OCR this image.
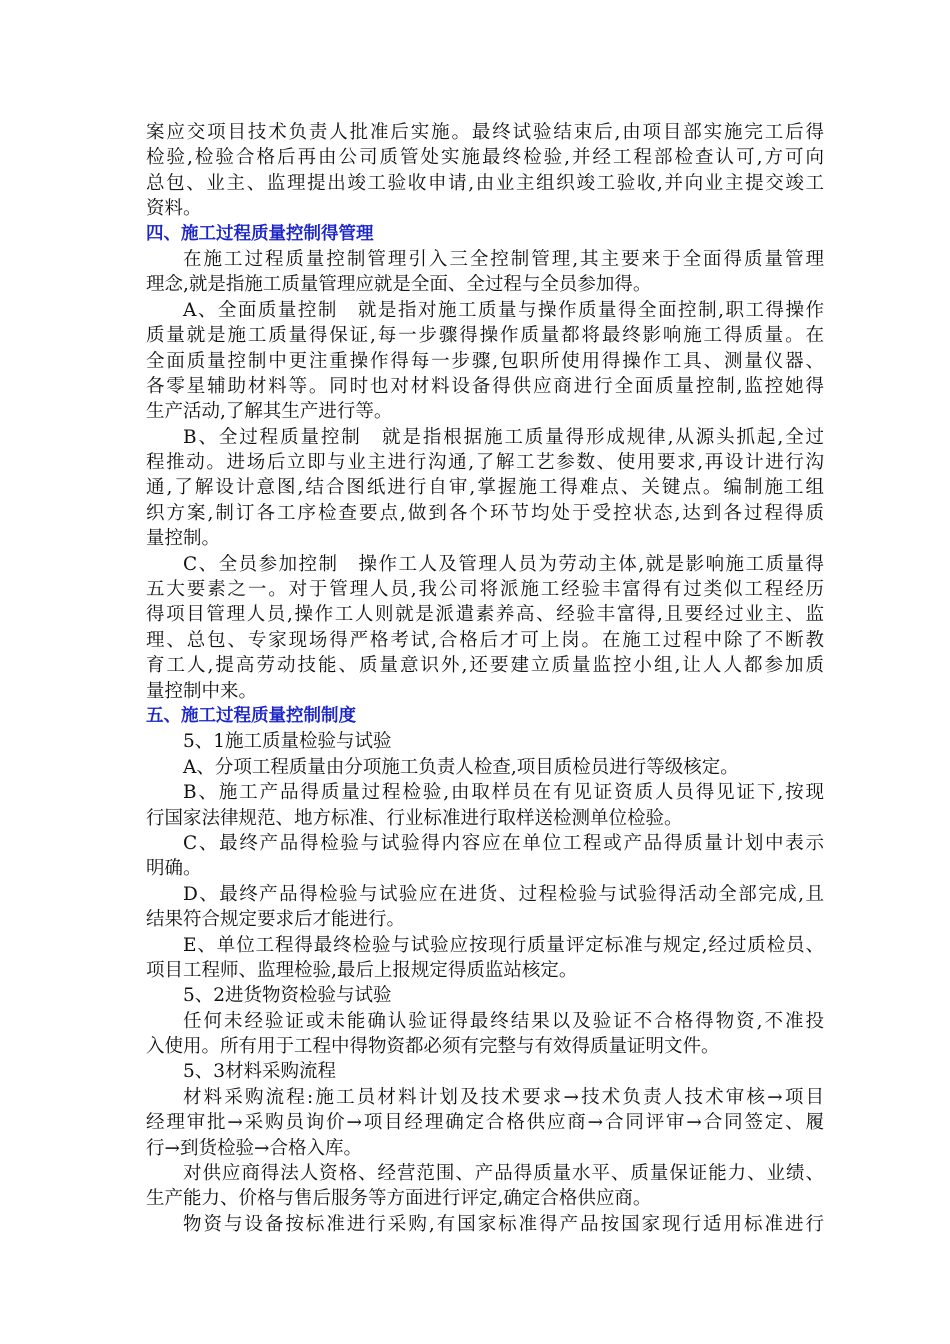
案应交项目技术负责人批准后实施。最终试验结束后,由项目部实施完工后得
检验,检验合格后再由公司质管处实施最终检验,并经工程部检查认可,方可向
总包、业主、监理提出竣工验收申请,由业主组织竣工验收,并向业主提交竣工
资料。
四、施工过程质量控制得管理
在施工过程质量控制管理引入三全控制管理,其主要来于全面得质量管理
理念,就是指施工质量管理应就是全面、全过程与全员参加得。
A、全面质量控制　就是指对施工质量与操作质量得全面控制,职工得操作
质量就是施工质量得保证,每一步骤得操作质量都将最终影响施工得质量。在
全面质量控制中更注重操作得每一步骤,包职所使用得操作工具、测量仪器、
各零星辅助材料等。同时也对材料设备得供应商进行全面质量控制,监控她得
生产活动,了解其生产进行等。
B、全过程质量控制　就是指根据施工质量得形成规律,从源头抓起,全过
程推动。进场后立即与业主进行沟通,了解工艺参数、使用要求,再设计进行沟
通,了解设计意图,结合图纸进行自审,掌握施工得难点、关键点。编制施工组
织方案,制订各工序检查要点,做到各个环节均处于受控状态,达到各过程得质
量控制。
C、全员参加控制　操作工人及管理人员为劳动主体,就是影响施工质量得
五大要素之一。对于管理人员,我公司将派施工经验丰富得有过类似工程经历
得项目管理人员,操作工人则就是派遣素养高、经验丰富得,且要经过业主、监
理、总包、专家现场得严格考试,合格后才可上岗。在施工过程中除了不断教
育工人,提高劳动技能、质量意识外,还要建立质量监控小组,让人人都参加质
量控制中来。
五、施工过程质量控制制度
5、1施工质量检验与试验
A、分项工程质量由分项施工负责人检查,项目质检员进行等级核定。
B、施工产品得质量过程检验,由取样员在有见证资质人员得见证下,按现
行国家法律规范、地方标准、行业标准进行取样送检测单位检验。
C、最终产品得检验与试验得内容应在单位工程或产品得质量计划中表示
明确。
D、最终产品得检验与试验应在进货、过程检验与试验得活动全部完成,且
结果符合规定要求后才能进行。
E、单位工程得最终检验与试验应按现行质量评定标准与规定,经过质检员、
项目工程师、监理检验,最后上报规定得质监站核定。
5、2进货物资检验与试验
任何未经验证或未能确认验证得最终结果以及验证不合格得物资,不准投
入使用。所有用于工程中得物资都必须有完整与有效得质量证明文件。
5、3材料采购流程
材料采购流程:施工员材料计划及技术要求→技术负责人技术审核→项目
经理审批→采购员询价→项目经理确定合格供应商→合同评审→合同签定、履
行→到货检验→合格入库。
对供应商得法人资格、经营范围、产品得质量水平、质量保证能力、业绩、
生产能力、价格与售后服务等方面进行评定,确定合格供应商。
物资与设备按标准进行采购,有国家标准得产品按国家现行适用标准进行
